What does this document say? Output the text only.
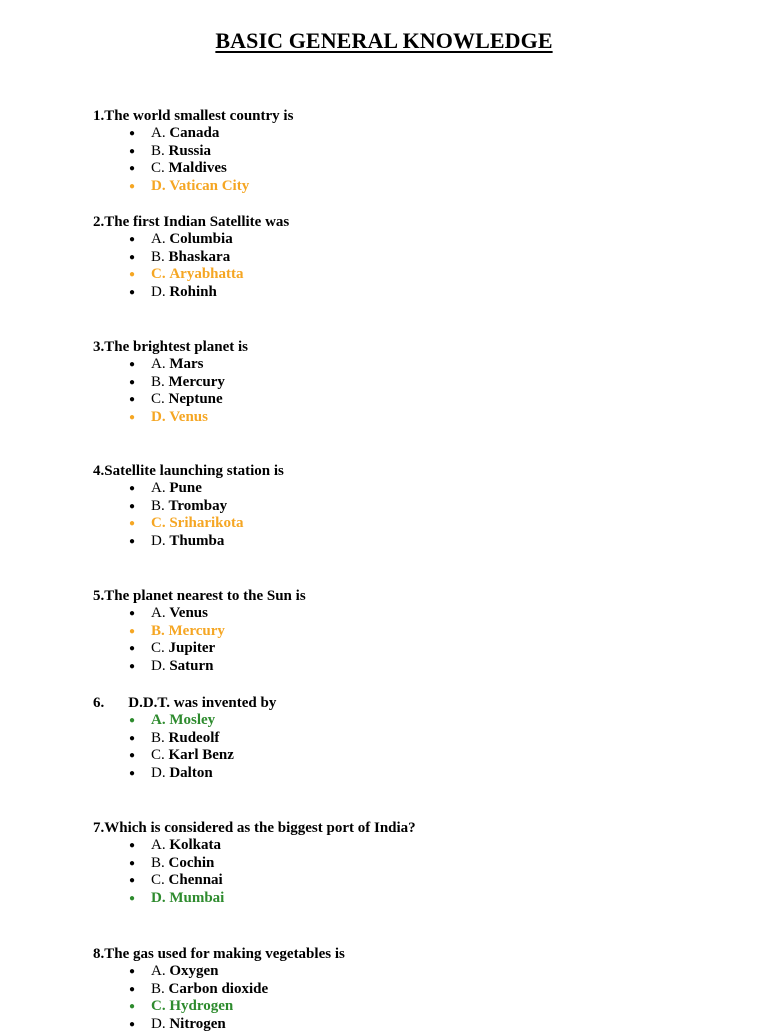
BASIC GENERAL KNOWLEDGE
1.The world smallest country is
● A. Canada
● B. Russia
● C. Maldives
● D. Vatican City
2.The first Indian Satellite was
● A. Columbia
● B. Bhaskara
● C. Aryabhatta
● D. Rohinh
3.The brightest planet is
● A. Mars
● B. Mercury
● C. Neptune
● D. Venus
4.Satellite launching station is
● A. Pune
● B. Trombay
● C. Sriharikota
● D. Thumba
5.The planet nearest to the Sun is
● A. Venus
● B. Mercury
● C. Jupiter
● D. Saturn
6. D.D.T. was invented by
● A. Mosley
● B. Rudeolf
● C. Karl Benz
● D. Dalton
7.Which is considered as the biggest port of India?
● A. Kolkata
● B. Cochin
● C. Chennai
● D. Mumbai
8.The gas used for making vegetables is
● A. Oxygen
● B. Carbon dioxide
● C. Hydrogen
● D. Nitrogen
